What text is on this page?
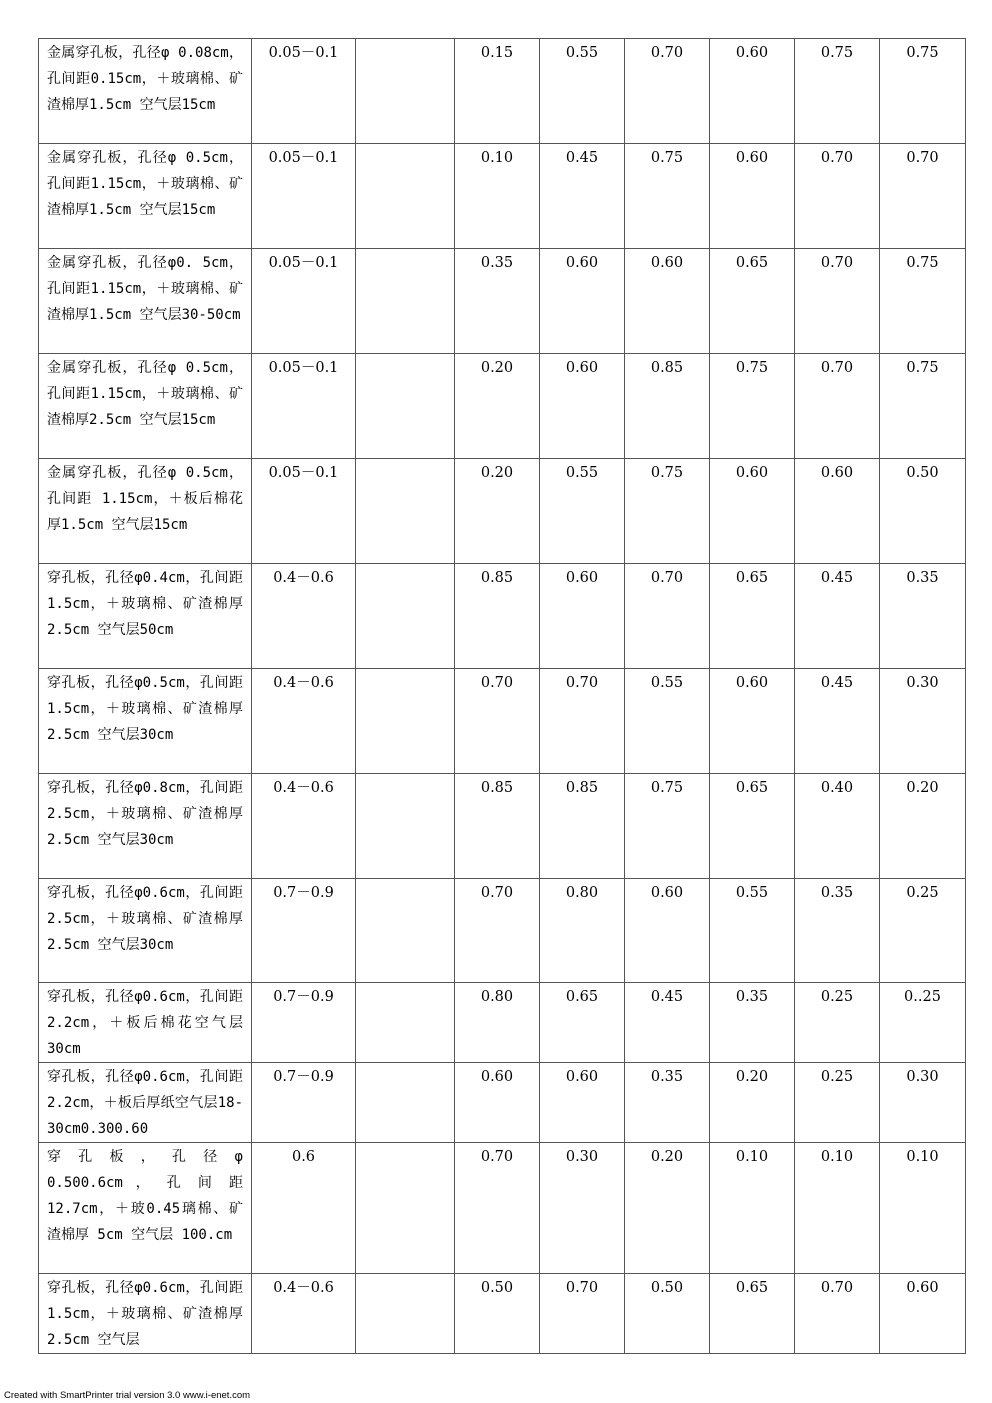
金属穿孔板，孔径φ 0.08cm，孔间距0.15cm，＋玻璃棉、矿渣棉厚1.5cm 空气层15cm	0.05－0.1		0.15	0.55	0.70	0.60	0.75	0.75
金属穿孔板，孔径φ 0.5cm，孔间距1.15cm，＋玻璃棉、矿渣棉厚1.5cm 空气层15cm	0.05－0.1		0.10	0.45	0.75	0.60	0.70	0.70
金属穿孔板，孔径φ0. 5cm，孔间距1.15cm，＋玻璃棉、矿渣棉厚1.5cm 空气层30-50cm	0.05－0.1		0.35	0.60	0.60	0.65	0.70	0.75
金属穿孔板，孔径φ 0.5cm，孔间距1.15cm，＋玻璃棉、矿渣棉厚2.5cm 空气层15cm	0.05－0.1		0.20	0.60	0.85	0.75	0.70	0.75
金属穿孔板，孔径φ 0.5cm，孔间距 1.15cm，＋板后棉花厚1.5cm 空气层15cm	0.05－0.1		0.20	0.55	0.75	0.60	0.60	0.50
穿孔板，孔径φ0.4cm，孔间距 1.5cm，＋玻璃棉、矿渣棉厚 2.5cm 空气层50cm	0.4－0.6		0.85	0.60	0.70	0.65	0.45	0.35
穿孔板，孔径φ0.5cm，孔间距 1.5cm，＋玻璃棉、矿渣棉厚 2.5cm 空气层30cm	0.4－0.6		0.70	0.70	0.55	0.60	0.45	0.30
穿孔板，孔径φ0.8cm，孔间距 2.5cm，＋玻璃棉、矿渣棉厚 2.5cm 空气层30cm	0.4－0.6		0.85	0.85	0.75	0.65	0.40	0.20
穿孔板，孔径φ0.6cm，孔间距 2.5cm，＋玻璃棉、矿渣棉厚 2.5cm 空气层30cm	0.7－0.9		0.70	0.80	0.60	0.55	0.35	0.25
穿孔板，孔径φ0.6cm，孔间距 2.2cm，＋板后棉花空气层30cm	0.7－0.9		0.80	0.65	0.45	0.35	0.25	0..25
穿孔板，孔径φ0.6cm，孔间距 2.2cm，＋板后厚纸空气层18-30cm0.300.60	0.7－0.9		0.60	0.60	0.35	0.20	0.25	0.30
穿 孔 板 ， 孔 径 φ 0.500.6cm ， 孔 间 距 12.7cm，＋玻0.45璃棉、矿渣棉厚 5cm 空气层 100.cm	0.6		0.70	0.30	0.20	0.10	0.10	0.10
穿孔板，孔径φ0.6cm，孔间距 1.5cm，＋玻璃棉、矿渣棉厚 2.5cm 空气层	0.4－0.6		0.50	0.70	0.50	0.65	0.70	0.60
Created with SmartPrinter trial version 3.0 www.i-enet.com
